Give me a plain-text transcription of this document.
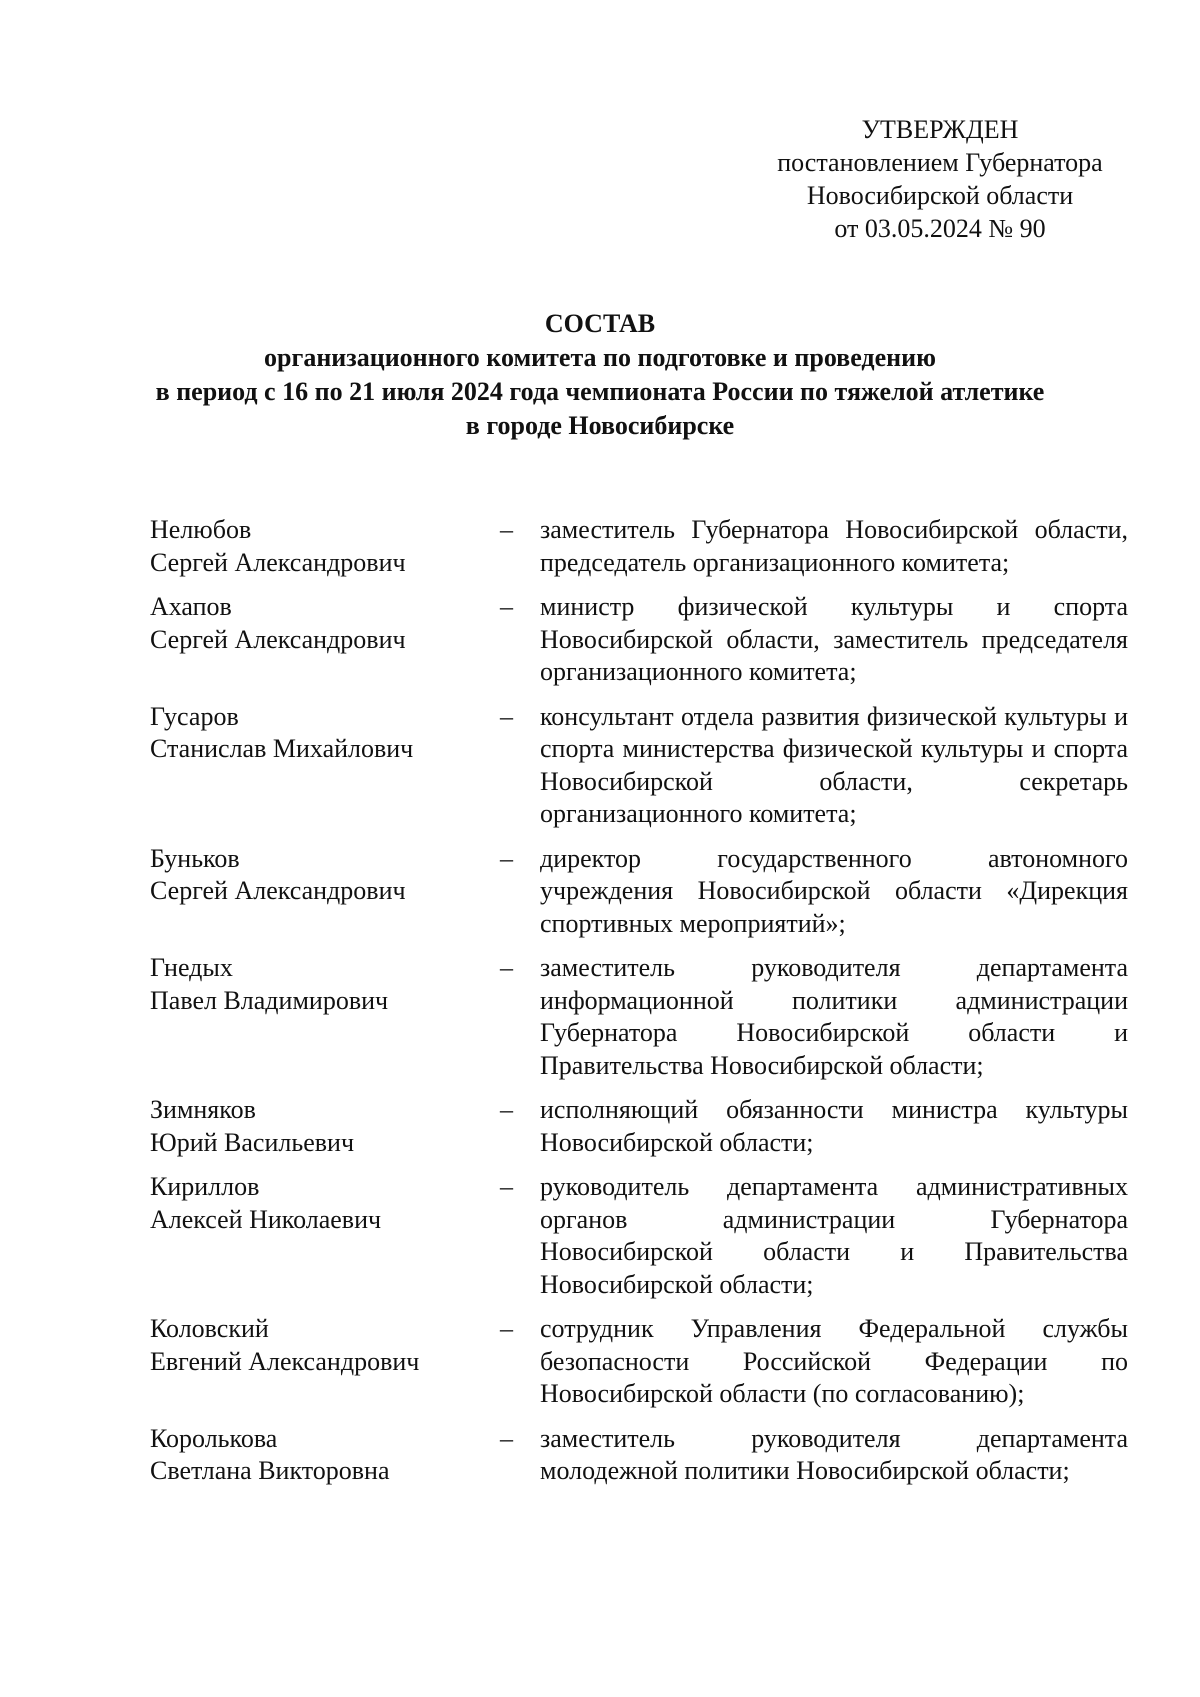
УТВЕРЖДЕН
постановлением Губернатора
Новосибирской области
от 03.05.2024 № 90
СОСТАВ
организационного комитета по подготовке и проведению
в период с 16 по 21 июля 2024 года чемпионата России по тяжелой атлетике
в городе Новосибирске
Нелюбов
Сергей Александрович
–	заместитель Губернатора Новосибирской области, председатель организационного комитета;
Ахапов
Сергей Александрович
–	министр физической культуры и спорта Новосибирской области, заместитель председателя организационного комитета;
Гусаров
Станислав Михайлович
–	консультант отдела развития физической культуры и спорта министерства физической культуры и спорта Новосибирской области, секретарь организационного комитета;
Буньков
Сергей Александрович
–	директор государственного автономного учреждения Новосибирской области «Дирекция спортивных мероприятий»;
Гнедых
Павел Владимирович
–	заместитель руководителя департамента информационной политики администрации Губернатора Новосибирской области и Правительства Новосибирской области;
Зимняков
Юрий Васильевич
–	исполняющий обязанности министра культуры Новосибирской области;
Кириллов
Алексей Николаевич
–	руководитель департамента административных органов администрации Губернатора Новосибирской области и Правительства Новосибирской области;
Коловский
Евгений Александрович
–	сотрудник Управления Федеральной службы безопасности Российской Федерации по Новосибирской области (по согласованию);
Королькова
Светлана Викторовна
–	заместитель руководителя департамента молодежной политики Новосибирской области;
